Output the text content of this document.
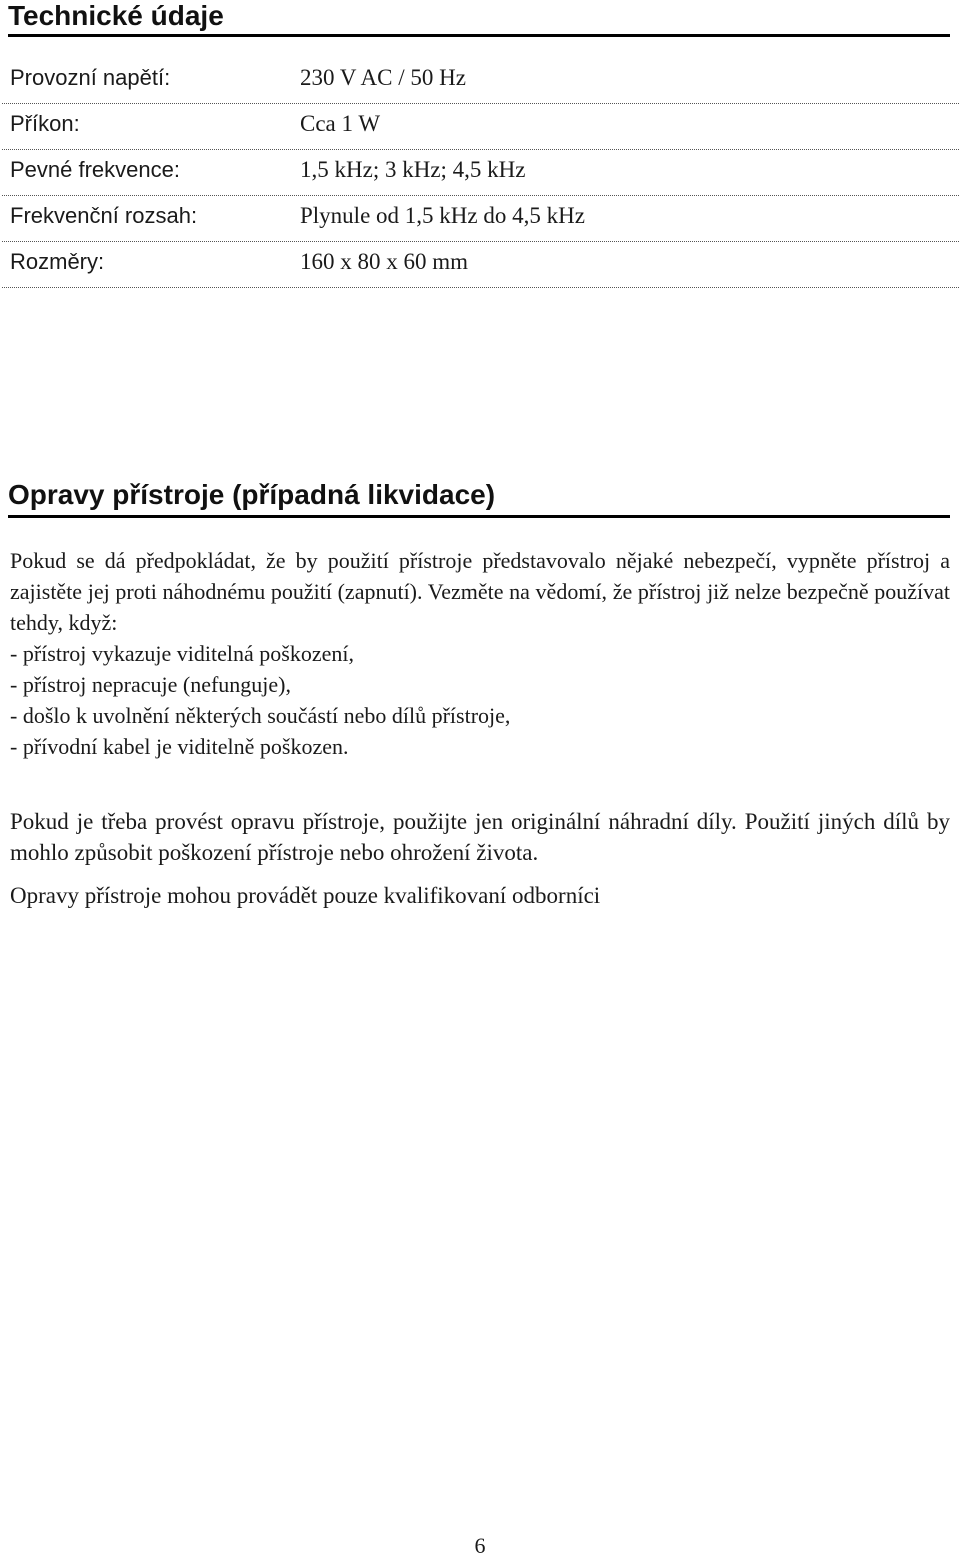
Technické údaje
Provozní napětí:	230 V AC / 50 Hz
Příkon:	Cca 1 W
Pevné frekvence:	1,5 kHz; 3 kHz; 4,5 kHz
Frekvenční rozsah:	Plynule od 1,5 kHz do 4,5 kHz
Rozměry:	160 x 80 x 60 mm
Opravy přístroje (případná likvidace)

Pokud se dá předpokládat, že by použití přístroje představovalo nějaké nebezpečí, vypněte přístroj a zajistěte jej proti náhodnému použití (zapnutí). Vezměte na vědomí, že přístroj již nelze bezpečně používat tehdy, když:

- přístroj vykazuje viditelná poškození,
- přístroj nepracuje (nefunguje),
- došlo k uvolnění některých součástí nebo dílů přístroje,
- přívodní kabel je viditelně poškozen.

Pokud je třeba provést opravu přístroje, použijte jen originální náhradní díly. Použití jiných dílů by mohlo způsobit poškození přístroje nebo ohrožení života.

Opravy přístroje mohou provádět pouze kvalifikovaní odborníci

6
